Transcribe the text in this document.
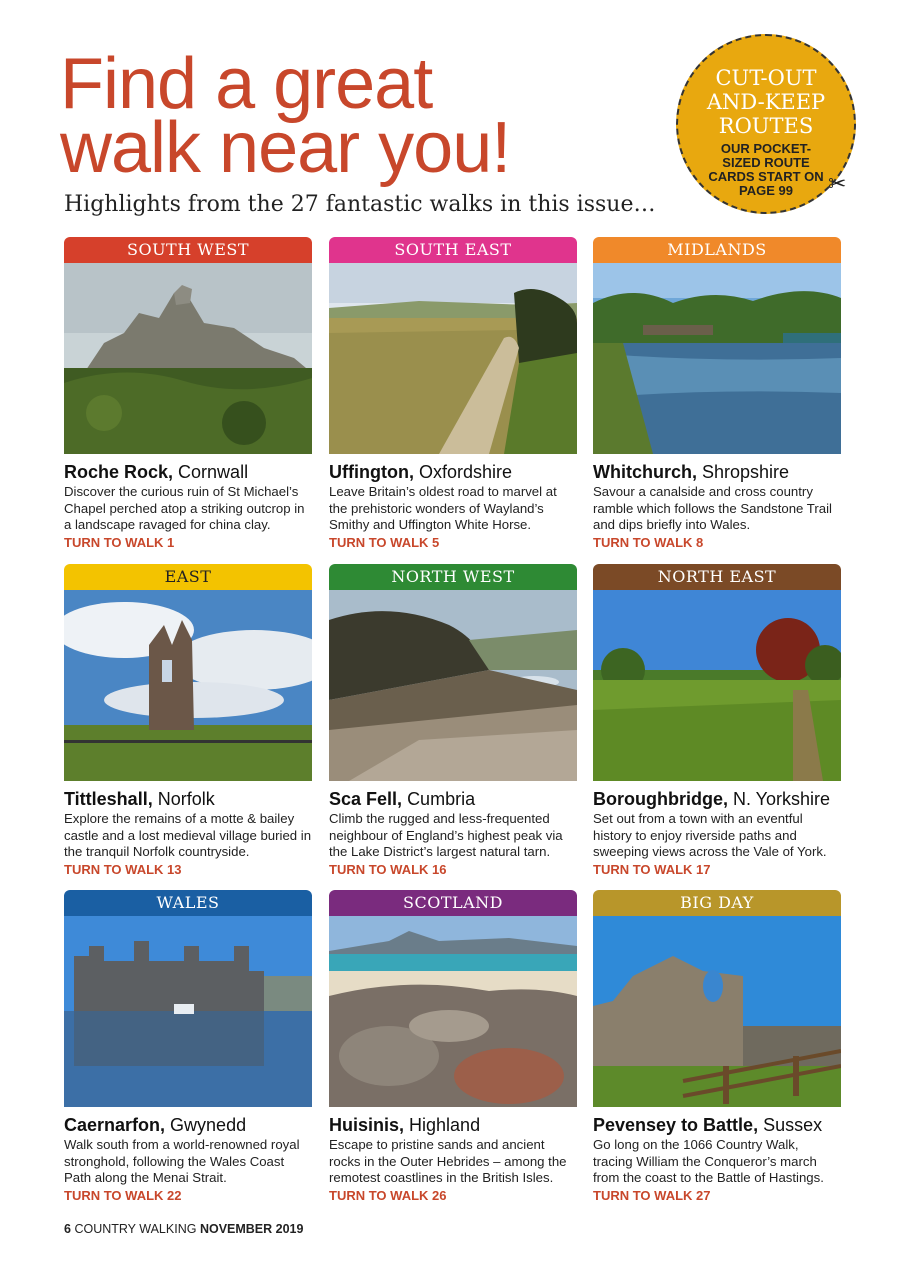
Find a great
walk near you!
Highlights from the 27 fantastic walks in this issue…
CUT-OUT AND-KEEP ROUTES
OUR POCKET-SIZED ROUTE CARDS START ON PAGE 99	✂
SOUTH WEST
Roche Rock, Cornwall
Discover the curious ruin of St Michael’s Chapel perched atop a striking outcrop in a landscape ravaged for china clay.
TURN TO WALK 1
SOUTH EAST
Uffington, Oxfordshire
Leave Britain’s oldest road to marvel at the prehistoric wonders of Wayland’s Smithy and Uffington White Horse.
TURN TO WALK 5
MIDLANDS
Whitchurch, Shropshire
Savour a canalside and cross country ramble which follows the Sandstone Trail and dips briefly into Wales.
TURN TO WALK 8
EAST
Tittleshall, Norfolk
Explore the remains of a motte & bailey castle and a lost medieval village buried in the tranquil Norfolk countryside.
TURN TO WALK 13
NORTH WEST
Sca Fell, Cumbria
Climb the rugged and less-frequented neighbour of England’s highest peak via the Lake District’s largest natural tarn.
TURN TO WALK 16
NORTH EAST
Boroughbridge, N. Yorkshire
Set out from a town with an eventful history to enjoy riverside paths and sweeping views across the Vale of York.
TURN TO WALK 17
WALES
Caernarfon, Gwynedd
Walk south from a world-renowned royal stronghold, following the Wales Coast Path along the Menai Strait.
TURN TO WALK 22
SCOTLAND
Huisinis, Highland
Escape to pristine sands and ancient rocks in the Outer Hebrides – among the remotest coastlines in the British Isles.
TURN TO WALK 26
BIG DAY
Pevensey to Battle, Sussex
Go long on the 1066 Country Walk, tracing William the Conqueror’s march from the coast to the Battle of Hastings.
TURN TO WALK 27
6 COUNTRY WALKING NOVEMBER 2019
